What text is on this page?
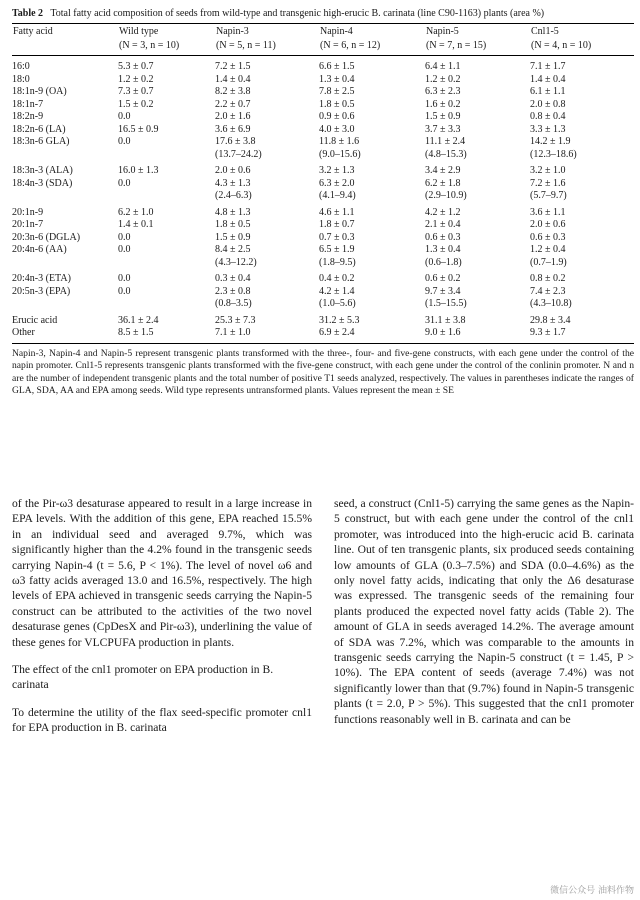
Table 2 Total fatty acid composition of seeds from wild-type and transgenic high-erucic B. carinata (line C90-1163) plants (area %)

Fatty acid	Wild type	Napin-3	Napin-4	Napin-5	Cnl1-5
	(N = 3, n = 10)	(N = 5, n = 11)	(N = 6, n = 12)	(N = 7, n = 15)	(N = 4, n = 10)
16:0	5.3 ± 0.7	7.2 ± 1.5	6.6 ± 1.5	6.4 ± 1.1	7.1 ± 1.7
18:0	1.2 ± 0.2	1.4 ± 0.4	1.3 ± 0.4	1.2 ± 0.2	1.4 ± 0.4
18:1n-9 (OA)	7.3 ± 0.7	8.2 ± 3.8	7.8 ± 2.5	6.3 ± 2.3	6.1 ± 1.1
18:1n-7	1.5 ± 0.2	2.2 ± 0.7	1.8 ± 0.5	1.6 ± 0.2	2.0 ± 0.8
18:2n-9	0.0	2.0 ± 1.6	0.9 ± 0.6	1.5 ± 0.9	0.8 ± 0.4
18:2n-6 (LA)	16.5 ± 0.9	3.6 ± 6.9	4.0 ± 3.0	3.7 ± 3.3	3.3 ± 1.3
18:3n-6 GLA)	0.0	17.6 ± 3.8	11.8 ± 1.6	11.1 ± 2.4	14.2 ± 1.9
		(13.7–24.2)	(9.0–15.6)	(4.8–15.3)	(12.3–18.6)
18:3n-3 (ALA)	16.0 ± 1.3	2.0 ± 0.6	3.2 ± 1.3	3.4 ± 2.9	3.2 ± 1.0
18:4n-3 (SDA)	0.0	4.3 ± 1.3	6.3 ± 2.0	6.2 ± 1.8	7.2 ± 1.6
		(2.4–6.3)	(4.1–9.4)	(2.9–10.9)	(5.7–9.7)
20:1n-9	6.2 ± 1.0	4.8 ± 1.3	4.6 ± 1.1	4.2 ± 1.2	3.6 ± 1.1
20:1n-7	1.4 ± 0.1	1.8 ± 0.5	1.8 ± 0.7	2.1 ± 0.4	2.0 ± 0.6
20:3n-6 (DGLA)	0.0	1.5 ± 0.9	0.7 ± 0.3	0.6 ± 0.3	0.6 ± 0.3
20:4n-6 (AA)	0.0	8.4 ± 2.5	6.5 ± 1.9	1.3 ± 0.4	1.2 ± 0.4
		(4.3–12.2)	(1.8–9.5)	(0.6–1.8)	(0.7–1.9)
20:4n-3 (ETA)	0.0	0.3 ± 0.4	0.4 ± 0.2	0.6 ± 0.2	0.8 ± 0.2
20:5n-3 (EPA)	0.0	2.3 ± 0.8	4.2 ± 1.4	9.7 ± 3.4	7.4 ± 2.3
		(0.8–3.5)	(1.0–5.6)	(1.5–15.5)	(4.3–10.8)
Erucic acid	36.1 ± 2.4	25.3 ± 7.3	31.2 ± 5.3	31.1 ± 3.8	29.8 ± 3.4
Other	8.5 ± 1.5	7.1 ± 1.0	6.9 ± 2.4	9.0 ± 1.6	9.3 ± 1.7
Napin-3, Napin-4 and Napin-5 represent transgenic plants transformed with the three-, four- and five-gene constructs, with each gene under the control of the napin promoter. Cnl1-5 represents transgenic plants transformed with the five-gene construct, with each gene under the control of the conlinin promoter. N and n are the number of independent transgenic plants and the total number of positive T1 seeds analyzed, respectively. The values in parentheses indicate the ranges of GLA, SDA, AA and EPA among seeds. Wild type represents untransformed plants. Values represent the mean ± SE

of the Pir-ω3 desaturase appeared to result in a large increase in EPA levels. With the addition of this gene, EPA reached 15.5% in an individual seed and averaged 9.7%, which was significantly higher than the 4.2% found in the transgenic seeds carrying Napin-4 (t = 5.6, P < 1%). The level of novel ω6 and ω3 fatty acids averaged 13.0 and 16.5%, respectively. The high levels of EPA achieved in transgenic seeds carrying the Napin-5 construct can be attributed to the activities of the two novel desaturase genes (CpDesX and Pir-ω3), underlining the value of these genes for VLCPUFA production in plants.

The effect of the cnl1 promoter on EPA production in B. carinata

To determine the utility of the flax seed-specific promoter cnl1 for EPA production in B. carinata

seed, a construct (Cnl1-5) carrying the same genes as the Napin-5 construct, but with each gene under the control of the cnl1 promoter, was introduced into the high-erucic acid B. carinata line. Out of ten transgenic plants, six produced seeds containing low amounts of GLA (0.3–7.5%) and SDA (0.0–4.6%) as the only novel fatty acids, indicating that only the Δ6 desaturase was expressed. The transgenic seeds of the remaining four plants produced the expected novel fatty acids (Table 2). The amount of GLA in seeds averaged 14.2%. The average amount of SDA was 7.2%, which was comparable to the amounts in transgenic seeds carrying the Napin-5 construct (t = 1.45, P > 10%). The EPA content of seeds (average 7.4%) was not significantly lower than that (9.7%) found in Napin-5 transgenic plants (t = 2.0, P > 5%). This suggested that the cnl1 promoter functions reasonably well in B. carinata and can be

微信公众号 油料作物
